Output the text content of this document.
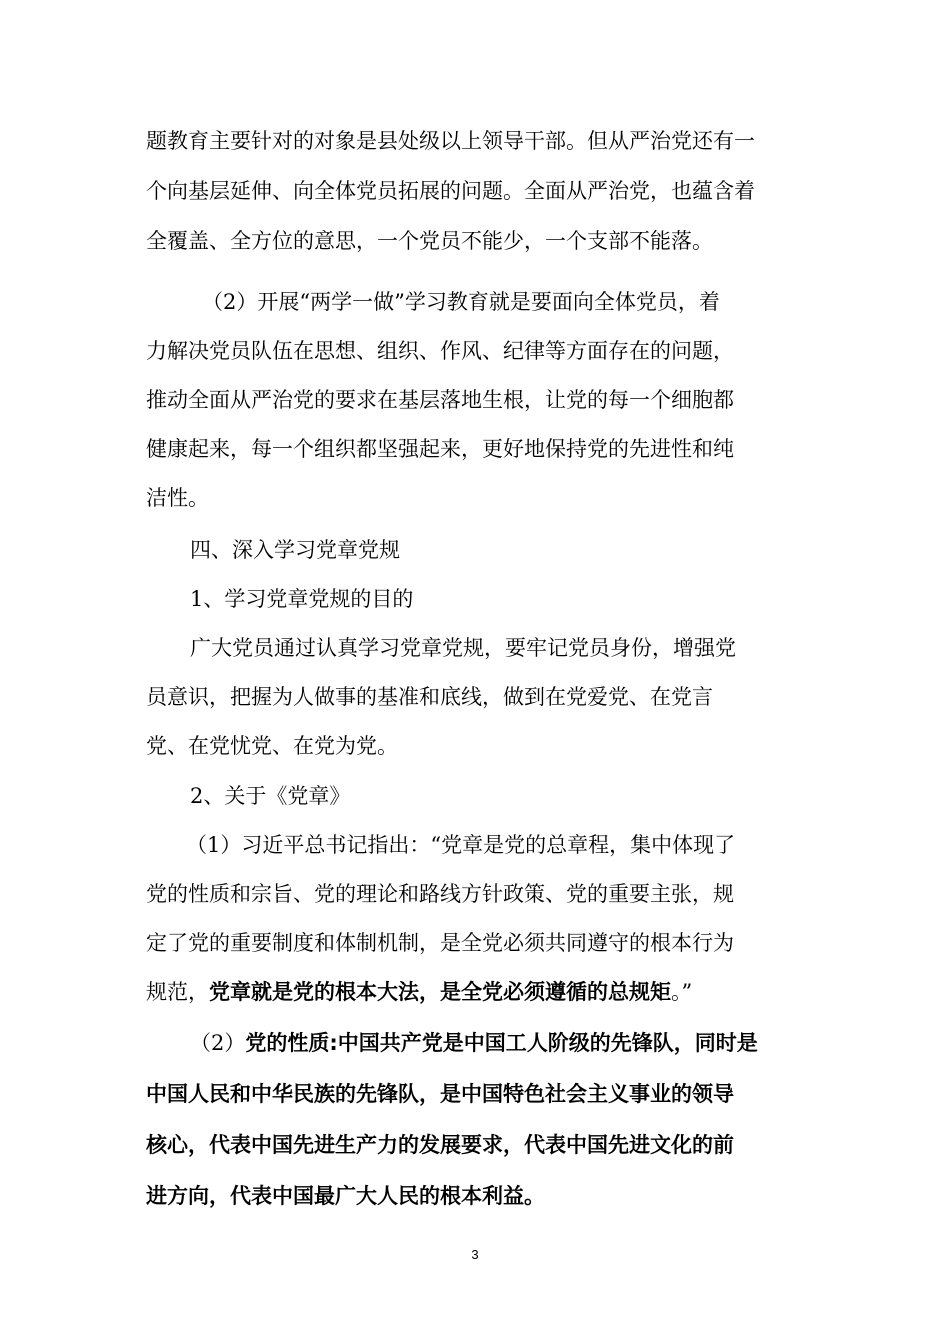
题教育主要针对的对象是县处级以上领导干部。但从严治党还有一
个向基层延伸、向全体党员拓展的问题。全面从严治党，也蕴含着
全覆盖、全方位的意思，一个党员不能少，一个支部不能落。
（2）开展“两学一做”学习教育就是要面向全体党员，着
力解决党员队伍在思想、组织、作风、纪律等方面存在的问题，
推动全面从严治党的要求在基层落地生根，让党的每一个细胞都
健康起来，每一个组织都坚强起来，更好地保持党的先进性和纯
洁性。
四、深入学习党章党规
1、学习党章党规的目的
广大党员通过认真学习党章党规，要牢记党员身份，增强党
员意识，把握为人做事的基准和底线，做到在党爱党、在党言
党、在党忧党、在党为党。
2、关于《党章》
（1）习近平总书记指出：“党章是党的总章程，集中体现了
党的性质和宗旨、党的理论和路线方针政策、党的重要主张，规
定了党的重要制度和体制机制，是全党必须共同遵守的根本行为
规范，党章就是党的根本大法，是全党必须遵循的总规矩。”
（2）党的性质:中国共产党是中国工人阶级的先锋队，同时是
中国人民和中华民族的先锋队，是中国特色社会主义事业的领导
核心，代表中国先进生产力的发展要求，代表中国先进文化的前
进方向，代表中国最广大人民的根本利益。
3
